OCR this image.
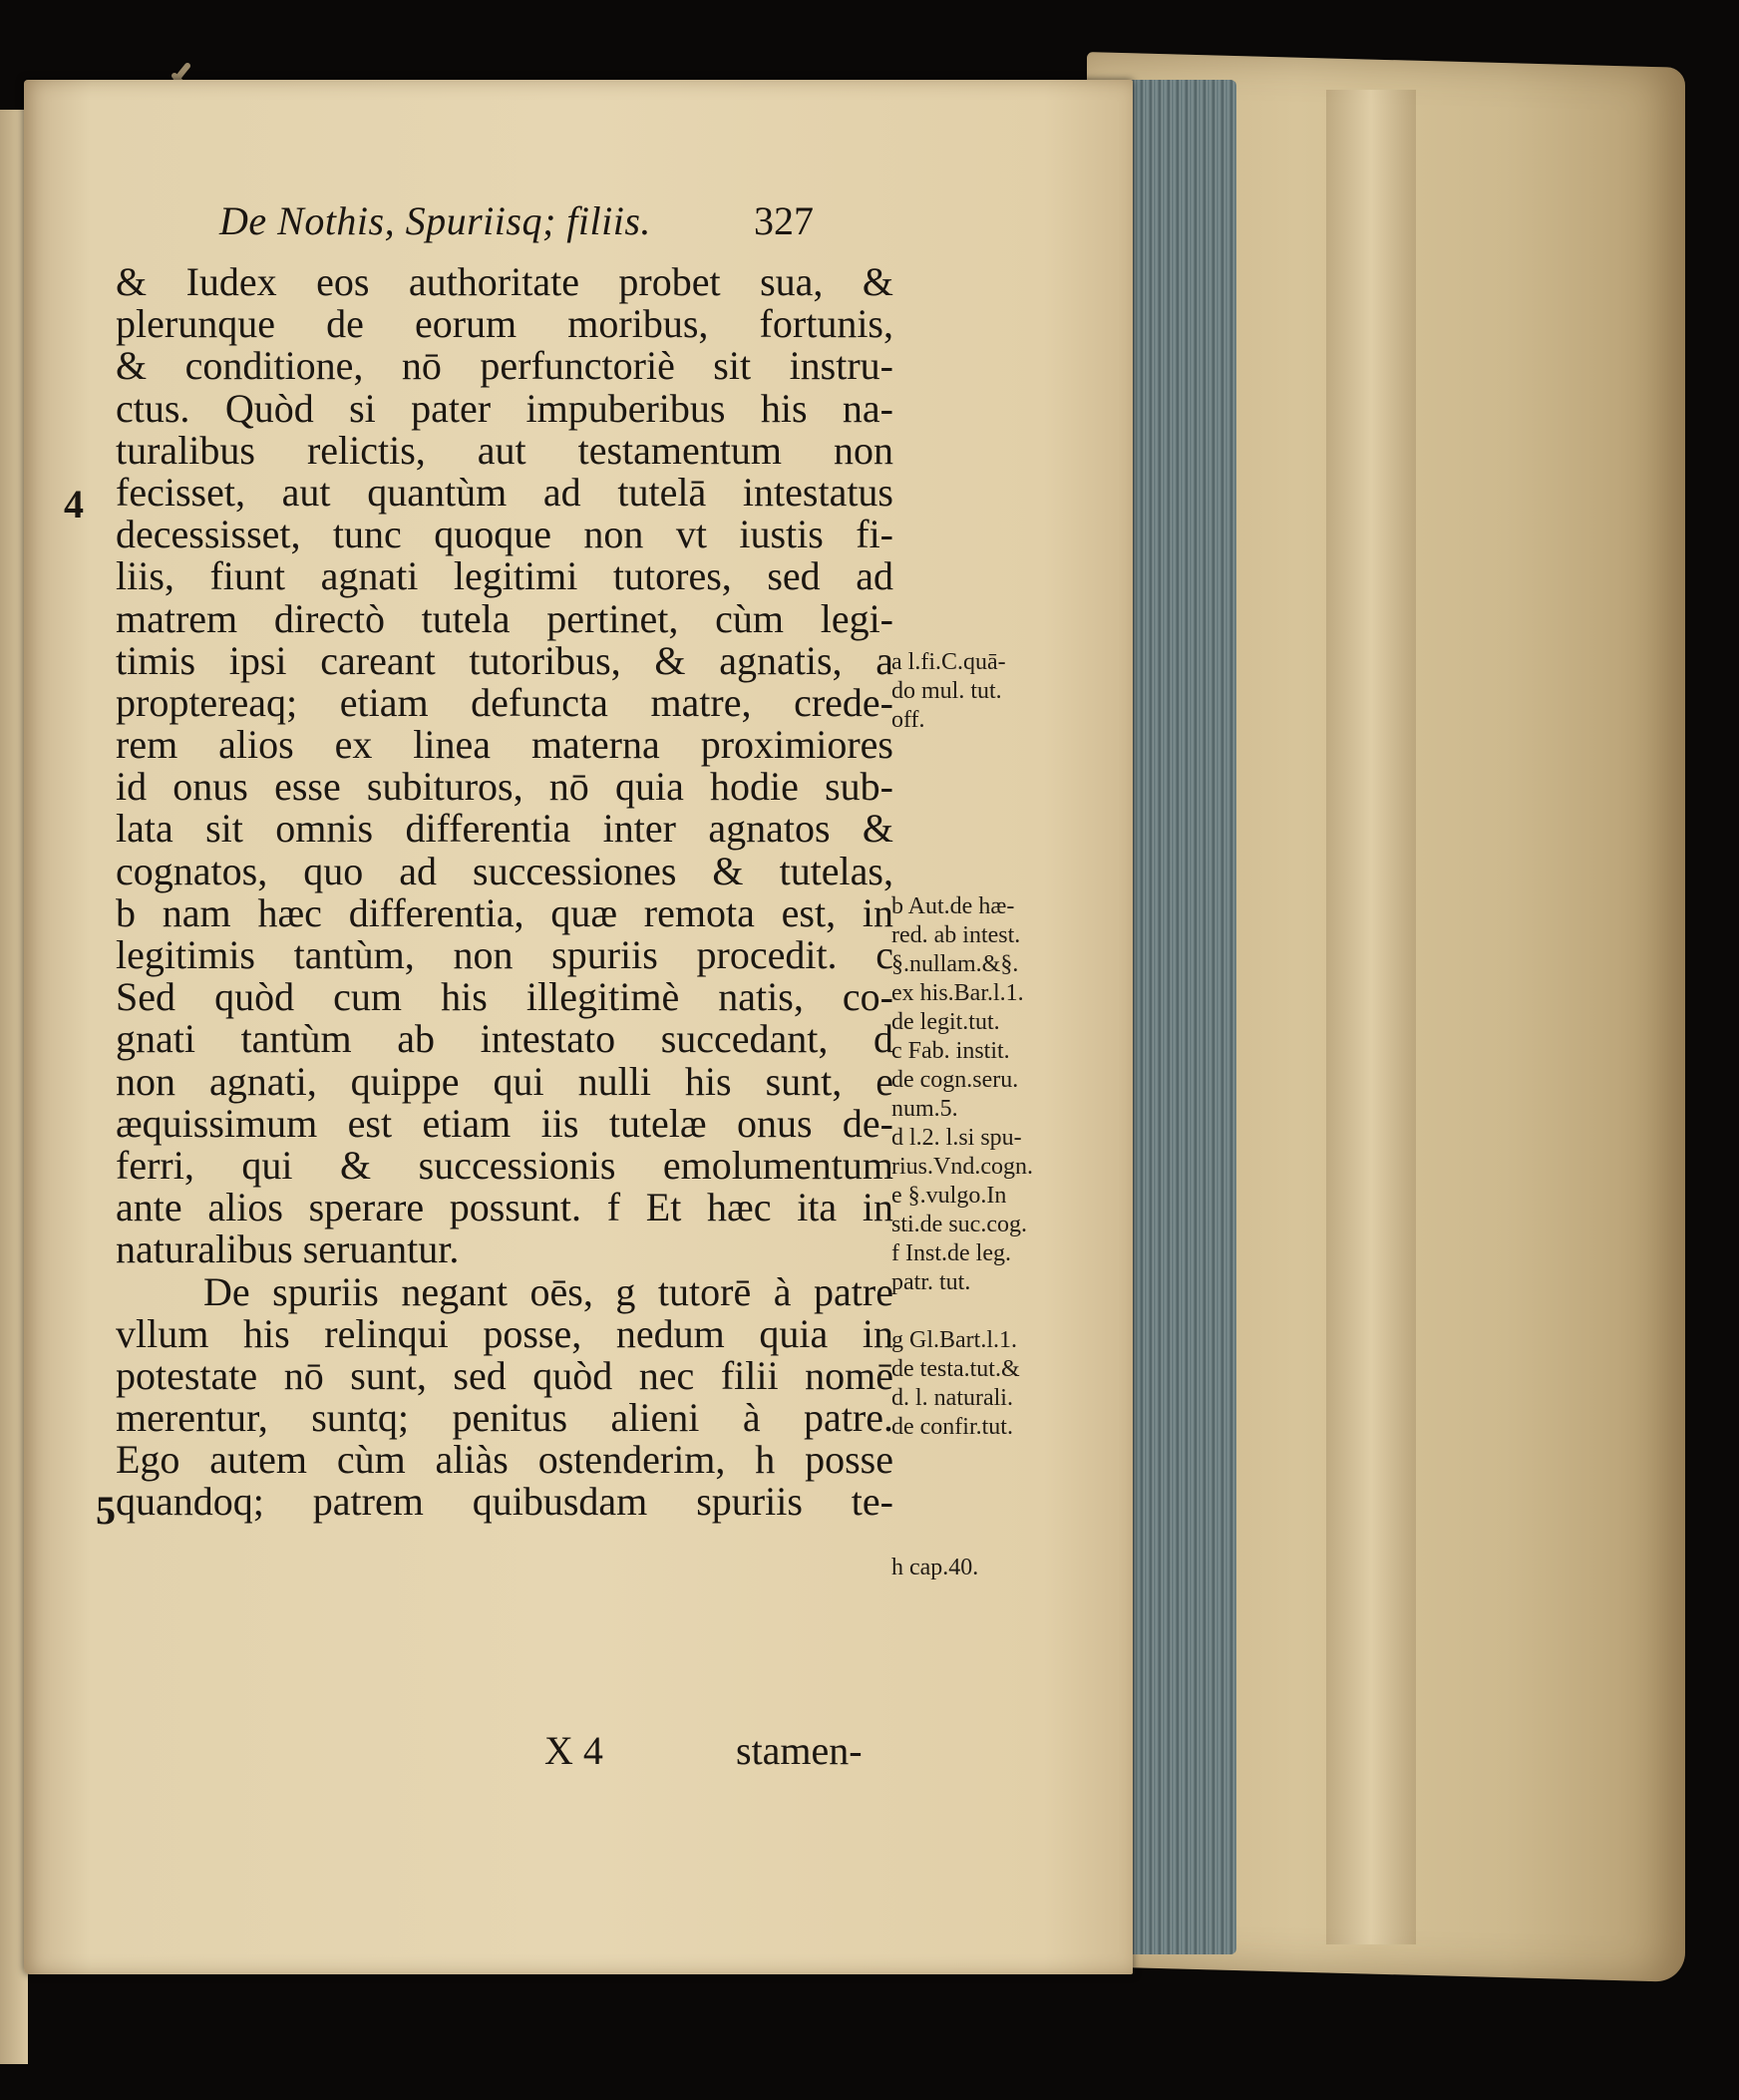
De Nothis, Spuriisq; filiis.	327
4
5
& Iudex eos authoritate probet sua, &
plerunque de eorum moribus, fortunis,
& conditione, nō perfunctoriè sit instru-
ctus. Quòd si pater impuberibus his na-
turalibus relictis, aut testamentum non
fecisset, aut quantùm ad tutelā intestatus
decessisset, tunc quoque non vt iustis fi-
liis, fiunt agnati legitimi tutores, sed ad
matrem directò tutela pertinet, cùm legi-
timis ipsi careant tutoribus, & agnatis, a
proptereaq; etiam defuncta matre, crede-
rem alios ex linea materna proximiores
id onus esse subituros, nō quia hodie sub-
lata sit omnis differentia inter agnatos &
cognatos, quo ad successiones & tutelas,
b nam hæc differentia, quæ remota est, in
legitimis tantùm, non spuriis procedit. c
Sed quòd cum his illegitimè natis, co-
gnati tantùm ab intestato succedant, d
non agnati, quippe qui nulli his sunt, e
æquissimum est etiam iis tutelæ onus de-
ferri, qui & successionis emolumentum
ante alios sperare possunt. f Et hæc ita in
naturalibus seruantur.
De spuriis negant oēs, g tutorē à patre
vllum his relinqui posse, nedum quia in
potestate nō sunt, sed quòd nec filii nomē
merentur, suntq; penitus alieni à patre.
Ego autem cùm aliàs ostenderim, h posse
quandoq; patrem quibusdam spuriis te-
a l.fi.C.quā-
do mul. tut.
off.
b Aut.de hæ-
red. ab intest.
§.nullam.&§.
ex his.Bar.l.1.
de legit.tut.
c Fab. instit.
de cogn.seru.
num.5.
d l.2. l.si spu-
rius.Vnd.cogn.
e §.vulgo.In
sti.de suc.cog.
f Inst.de leg.
patr. tut.
g Gl.Bart.l.1.
de testa.tut.&
d. l. naturali.
de confir.tut.
h cap.40.
X 4	stamen-
